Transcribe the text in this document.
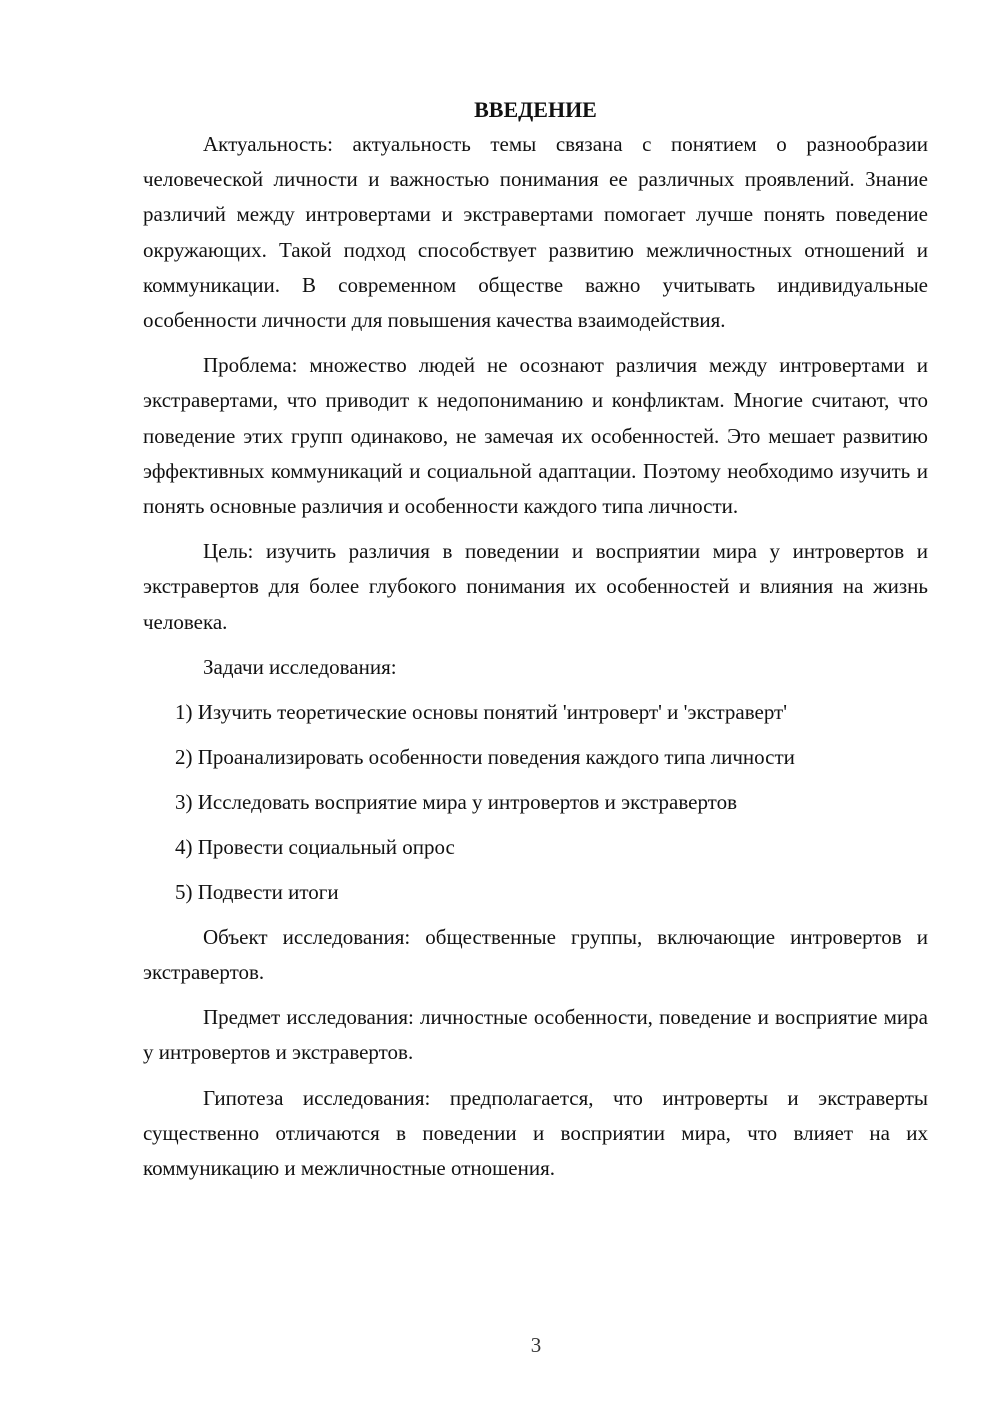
ВВЕДЕНИЕ

Актуальность: актуальность темы связана с понятием о разнообразии человеческой личности и важностью понимания ее различных проявлений. Знание различий между интровертами и экстравертами помогает лучше понять поведение окружающих. Такой подход способствует развитию межличностных отношений и коммуникации. В современном обществе важно учитывать индивидуальные особенности личности для повышения качества взаимодействия.

Проблема: множество людей не осознают различия между интровертами и экстравертами, что приводит к недопониманию и конфликтам. Многие считают, что поведение этих групп одинаково, не замечая их особенностей. Это мешает развитию эффективных коммуникаций и социальной адаптации. Поэтому необходимо изучить и понять основные различия и особенности каждого типа личности.

Цель: изучить различия в поведении и восприятии мира у интровертов и экстравертов для более глубокого понимания их особенностей и влияния на жизнь человека.

Задачи исследования:

1) Изучить теоретические основы понятий 'интроверт' и 'экстраверт'

2) Проанализировать особенности поведения каждого типа личности

3) Исследовать восприятие мира у интровертов и экстравертов

4) Провести социальный опрос

5) Подвести итоги

Объект исследования: общественные группы, включающие интровертов и экстравертов.

Предмет исследования: личностные особенности, поведение и восприятие мира у интровертов и экстравертов.

Гипотеза исследования: предполагается, что интроверты и экстраверты существенно отличаются в поведении и восприятии мира, что влияет на их коммуникацию и межличностные отношения.

3
